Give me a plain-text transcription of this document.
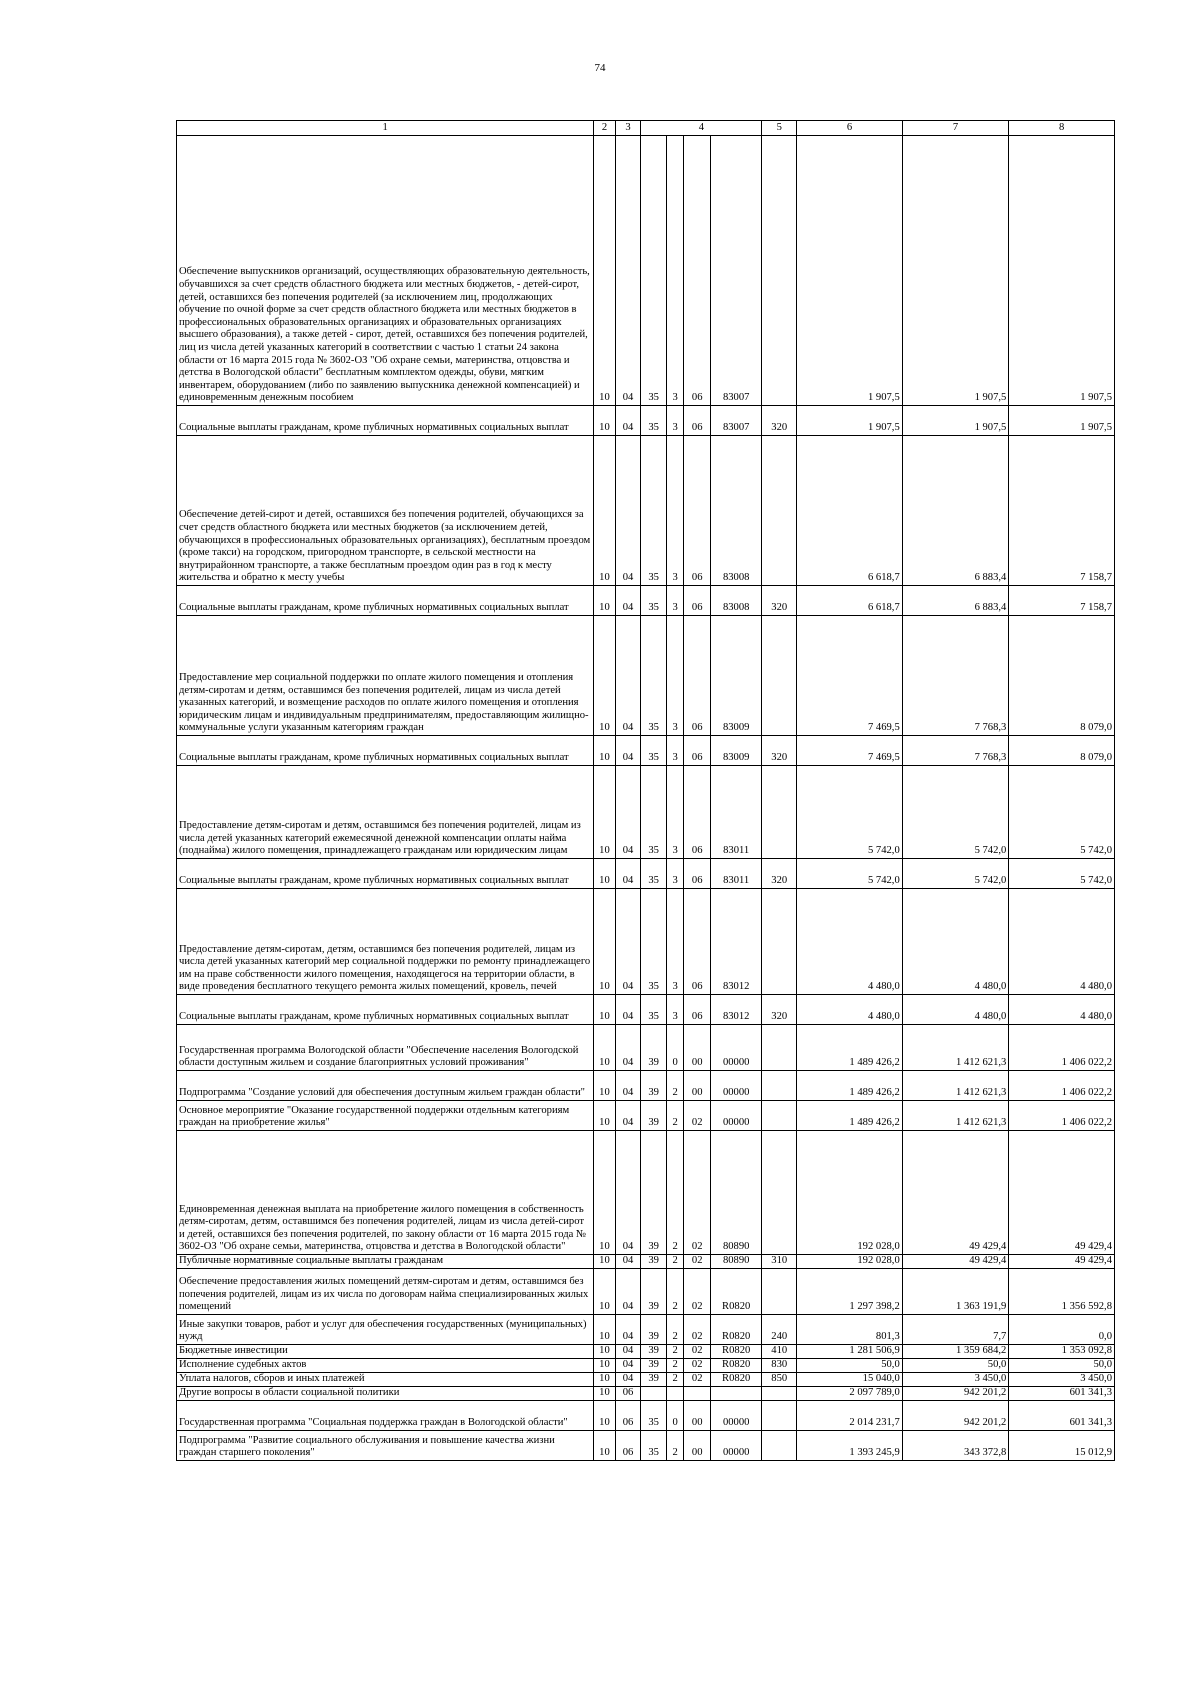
74
1	2	3	4				5	6	7	8
Обеспечение выпускников организаций, осуществляющих образовательную деятельность, обучавшихся за счет средств областного бюджета или местных бюджетов, - детей-сирот, детей, оставшихся без попечения родителей (за исключением лиц, продолжающих обучение по очной форме за счет средств областного бюджета или местных бюджетов в профессиональных образовательных организациях и образовательных организациях высшего образования), а также детей - сирот, детей, оставшихся без попечения родителей, лиц из числа детей указанных категорий в соответствии с частью 1 статьи 24 закона области от 16 марта 2015 года № 3602-ОЗ "Об охране семьи, материнства, отцовства и детства в Вологодской области" бесплатным комплектом одежды, обуви, мягким инвентарем, оборудованием (либо по заявлению выпускника денежной компенсацией) и единовременным денежным пособием	10	04	35	3	06	83007		1 907,5	1 907,5	1 907,5
Социальные выплаты гражданам, кроме публичных нормативных социальных выплат	10	04	35	3	06	83007	320	1 907,5	1 907,5	1 907,5
Обеспечение детей-сирот и детей, оставшихся без попечения родителей, обучающихся за счет средств областного бюджета или местных бюджетов (за исключением детей, обучающихся в профессиональных образовательных организациях), бесплатным проездом (кроме такси) на городском, пригородном транспорте, в сельской местности на внутрирайонном транспорте, а также бесплатным проездом один раз в год к месту жительства и обратно к месту учебы	10	04	35	3	06	83008		6 618,7	6 883,4	7 158,7
Социальные выплаты гражданам, кроме публичных нормативных социальных выплат	10	04	35	3	06	83008	320	6 618,7	6 883,4	7 158,7
Предоставление мер социальной поддержки по оплате жилого помещения и отопления детям-сиротам и детям, оставшимся без попечения родителей, лицам из числа детей указанных категорий, и возмещение расходов по оплате жилого помещения и отопления юридическим лицам и индивидуальным предпринимателям, предоставляющим жилищно-коммунальные услуги указанным категориям граждан	10	04	35	3	06	83009		7 469,5	7 768,3	8 079,0
Социальные выплаты гражданам, кроме публичных нормативных социальных выплат	10	04	35	3	06	83009	320	7 469,5	7 768,3	8 079,0
Предоставление детям-сиротам и детям, оставшимся без попечения родителей, лицам из числа детей указанных категорий ежемесячной денежной компенсации оплаты найма (поднайма) жилого помещения, принадлежащего гражданам или юридическим лицам	10	04	35	3	06	83011		5 742,0	5 742,0	5 742,0
Социальные выплаты гражданам, кроме публичных нормативных социальных выплат	10	04	35	3	06	83011	320	5 742,0	5 742,0	5 742,0
Предоставление детям-сиротам, детям, оставшимся без попечения родителей, лицам из числа детей указанных категорий мер социальной поддержки по ремонту принадлежащего им на праве собственности жилого помещения, находящегося на территории области, в виде проведения бесплатного текущего ремонта жилых помещений, кровель, печей	10	04	35	3	06	83012		4 480,0	4 480,0	4 480,0
Социальные выплаты гражданам, кроме публичных нормативных социальных выплат	10	04	35	3	06	83012	320	4 480,0	4 480,0	4 480,0
Государственная программа Вологодской области "Обеспечение населения Вологодской области доступным жильем и создание благоприятных условий проживания"	10	04	39	0	00	00000		1 489 426,2	1 412 621,3	1 406 022,2
Подпрограмма "Создание условий для обеспечения доступным жильем граждан области"	10	04	39	2	00	00000		1 489 426,2	1 412 621,3	1 406 022,2
Основное мероприятие "Оказание государственной поддержки отдельным категориям граждан на приобретение жилья"	10	04	39	2	02	00000		1 489 426,2	1 412 621,3	1 406 022,2
Единовременная денежная выплата на приобретение жилого помещения в собственность детям-сиротам, детям, оставшимся без попечения родителей, лицам из числа детей-сирот и детей, оставшихся без попечения родителей, по закону области от 16 марта 2015 года № 3602-ОЗ "Об охране семьи, материнства, отцовства и детства в Вологодской области"	10	04	39	2	02	80890		192 028,0	49 429,4	49 429,4
Публичные нормативные социальные выплаты гражданам	10	04	39	2	02	80890	310	192 028,0	49 429,4	49 429,4
Обеспечение предоставления жилых помещений детям-сиротам и детям, оставшимся без попечения родителей, лицам из их числа по договорам найма специализированных жилых помещений	10	04	39	2	02	R0820		1 297 398,2	1 363 191,9	1 356 592,8
Иные закупки товаров, работ и услуг для обеспечения государственных (муниципальных) нужд	10	04	39	2	02	R0820	240	801,3	7,7	0,0
Бюджетные инвестиции	10	04	39	2	02	R0820	410	1 281 506,9	1 359 684,2	1 353 092,8
Исполнение судебных актов	10	04	39	2	02	R0820	830	50,0	50,0	50,0
Уплата налогов, сборов и иных платежей	10	04	39	2	02	R0820	850	15 040,0	3 450,0	3 450,0
Другие вопросы в области социальной политики	10	06						2 097 789,0	942 201,2	601 341,3
Государственная программа "Социальная поддержка граждан в Вологодской области"	10	06	35	0	00	00000		2 014 231,7	942 201,2	601 341,3
Подпрограмма "Развитие социального обслуживания и повышение качества жизни граждан старшего поколения"	10	06	35	2	00	00000		1 393 245,9	343 372,8	15 012,9
